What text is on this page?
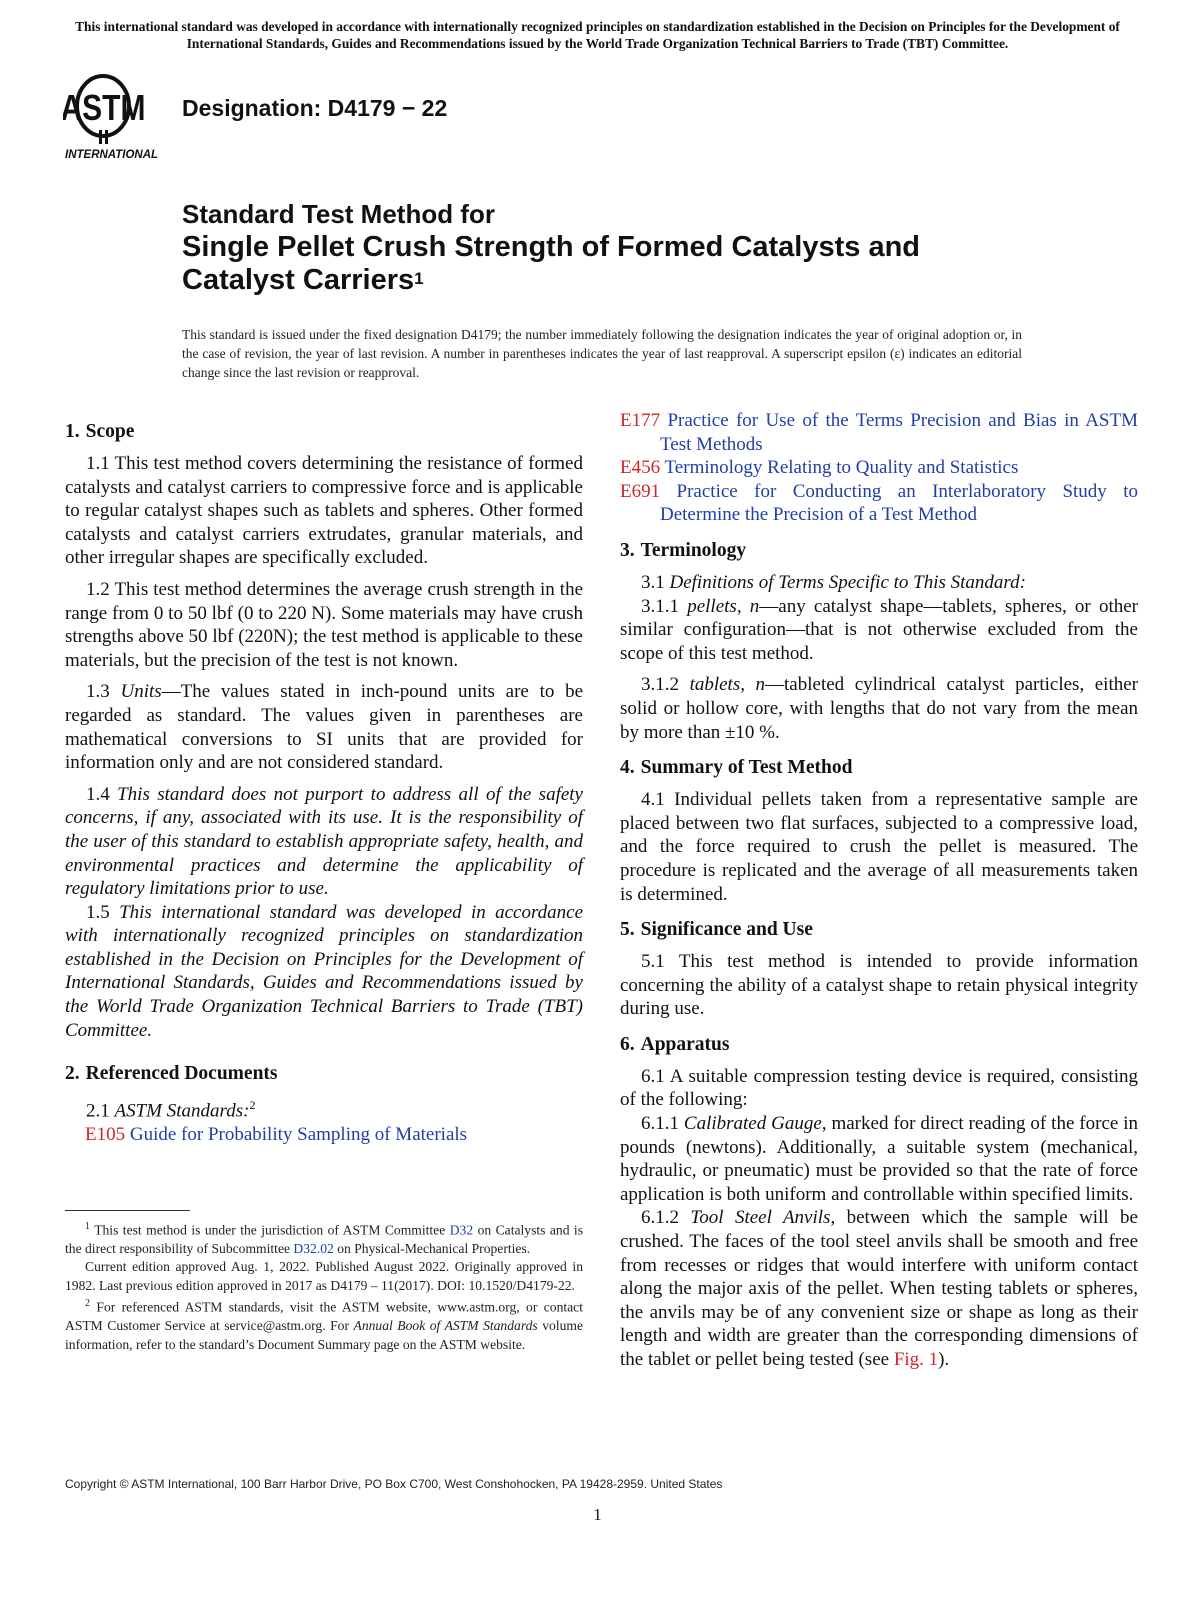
This international standard was developed in accordance with internationally recognized principles on standardization established in the Decision on Principles for the Development of International Standards, Guides and Recommendations issued by the World Trade Organization Technical Barriers to Trade (TBT) Committee.
ASTM
INTERNATIONAL
Designation: D4179 − 22
Standard Test Method for
Single Pellet Crush Strength of Formed Catalysts and
Catalyst Carriers$^1$
This standard is issued under the fixed designation D4179; the number immediately following the designation indicates the year of original adoption or, in the case of revision, the year of last revision. A number in parentheses indicates the year of last reapproval. A superscript epsilon (ε) indicates an editorial change since the last revision or reapproval.
1. Scope

1.1 This test method covers determining the resistance of formed catalysts and catalyst carriers to compressive force and is applicable to regular catalyst shapes such as tablets and spheres. Other formed catalysts and catalyst carriers extrudates, granular materials, and other irregular shapes are specifically excluded.

1.2 This test method determines the average crush strength in the range from 0 to 50 lbf (0 to 220 N). Some materials may have crush strengths above 50 lbf (220N); the test method is applicable to these materials, but the precision of the test is not known.

1.3 Units—The values stated in inch-pound units are to be regarded as standard. The values given in parentheses are mathematical conversions to SI units that are provided for information only and are not considered standard.

1.4 This standard does not purport to address all of the safety concerns, if any, associated with its use. It is the responsibility of the user of this standard to establish appropriate safety, health, and environmental practices and determine the applicability of regulatory limitations prior to use.

1.5 This international standard was developed in accordance with internationally recognized principles on standardization established in the Decision on Principles for the Development of International Standards, Guides and Recommendations issued by the World Trade Organization Technical Barriers to Trade (TBT) Committee.

2. Referenced Documents

2.1 ASTM Standards:$^2$

E105 Guide for Probability Sampling of Materials
E177 Practice for Use of the Terms Precision and Bias in ASTM Test Methods
E456 Terminology Relating to Quality and Statistics
E691 Practice for Conducting an Interlaboratory Study to Determine the Precision of a Test Method
3. Terminology

3.1 Definitions of Terms Specific to This Standard:

3.1.1 pellets, n—any catalyst shape—tablets, spheres, or other similar configuration—that is not otherwise excluded from the scope of this test method.

3.1.2 tablets, n—tableted cylindrical catalyst particles, either solid or hollow core, with lengths that do not vary from the mean by more than ±10 %.

4. Summary of Test Method

4.1 Individual pellets taken from a representative sample are placed between two flat surfaces, subjected to a compressive load, and the force required to crush the pellet is measured. The procedure is replicated and the average of all measurements taken is determined.

5. Significance and Use

5.1 This test method is intended to provide information concerning the ability of a catalyst shape to retain physical integrity during use.

6. Apparatus

6.1 A suitable compression testing device is required, consisting of the following:

6.1.1 Calibrated Gauge, marked for direct reading of the force in pounds (newtons). Additionally, a suitable system (mechanical, hydraulic, or pneumatic) must be provided so that the rate of force application is both uniform and controllable within specified limits.

6.1.2 Tool Steel Anvils, between which the sample will be crushed. The faces of the tool steel anvils shall be smooth and free from recesses or ridges that would interfere with uniform contact along the major axis of the pellet. When testing tablets or spheres, the anvils may be of any convenient size or shape as long as their length and width are greater than the corresponding dimensions of the tablet or pellet being tested (see Fig. 1).

$^1$ This test method is under the jurisdiction of ASTM Committee D32 on Catalysts and is the direct responsibility of Subcommittee D32.02 on Physical-Mechanical Properties.

Current edition approved Aug. 1, 2022. Published August 2022. Originally approved in 1982. Last previous edition approved in 2017 as D4179 – 11(2017). DOI: 10.1520/D4179-22.

$^2$ For referenced ASTM standards, visit the ASTM website, www.astm.org, or contact ASTM Customer Service at service@astm.org. For Annual Book of ASTM Standards volume information, refer to the standard’s Document Summary page on the ASTM website.

Copyright © ASTM International, 100 Barr Harbor Drive, PO Box C700, West Conshohocken, PA 19428-2959. United States
1
